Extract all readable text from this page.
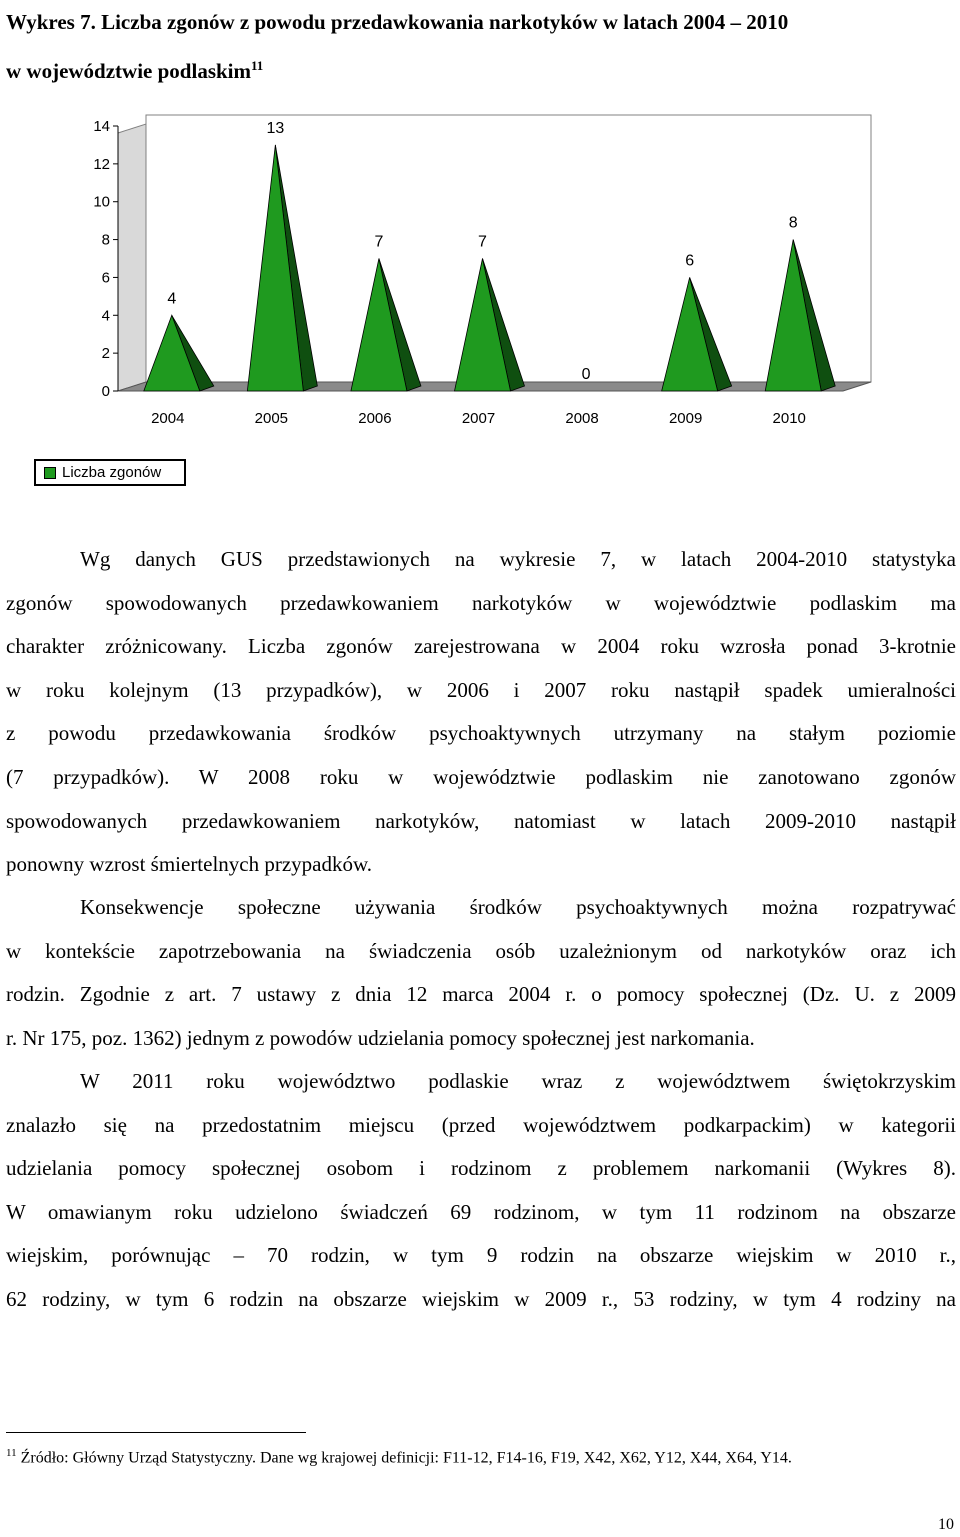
Wykres 7. Liczba zgonów z powodu przedawkowania narkotyków w latach 2004 – 2010
w województwie podlaskim$^{11}$
0
2
4
6
8
10
12
14
4
2004
13
2005
7
2006
7
2007
0
2008
6
2009
8
2010
Liczba zgonów
Wg danych GUS przedstawionych na wykresie 7, w latach 2004-2010 statystyka
zgonów spowodowanych przedawkowaniem narkotyków w województwie podlaskim ma
charakter zróżnicowany. Liczba zgonów zarejestrowana w 2004 roku wzrosła ponad 3-krotnie
w roku kolejnym (13 przypadków), w 2006 i 2007 roku nastąpił spadek umieralności
z powodu przedawkowania środków psychoaktywnych utrzymany na stałym poziomie
(7 przypadków). W 2008 roku w województwie podlaskim nie zanotowano zgonów
spowodowanych przedawkowaniem narkotyków, natomiast w latach 2009-2010 nastąpił
ponowny wzrost śmiertelnych przypadków.
Konsekwencje społeczne używania środków psychoaktywnych można rozpatrywać
w kontekście zapotrzebowania na świadczenia osób uzależnionym od narkotyków oraz ich
rodzin. Zgodnie z art. 7 ustawy z dnia 12 marca 2004 r. o pomocy społecznej (Dz. U. z 2009
r. Nr 175, poz. 1362) jednym z powodów udzielania pomocy społecznej jest narkomania.
W 2011 roku województwo podlaskie wraz z województwem świętokrzyskim
znalazło się na przedostatnim miejscu (przed województwem podkarpackim) w kategorii
udzielania pomocy społecznej osobom i rodzinom z problemem narkomanii (Wykres 8).
W omawianym roku udzielono świadczeń 69 rodzinom, w tym 11 rodzinom na obszarze
wiejskim, porównując – 70 rodzin, w tym 9 rodzin na obszarze wiejskim w 2010 r.,
62 rodziny, w tym 6 rodzin na obszarze wiejskim w 2009 r., 53 rodziny, w tym 4 rodziny na
$^{11}$ Źródło: Główny Urząd Statystyczny. Dane wg krajowej definicji: F11-12, F14-16, F19, X42, X62, Y12, X44, X64, Y14.
10
